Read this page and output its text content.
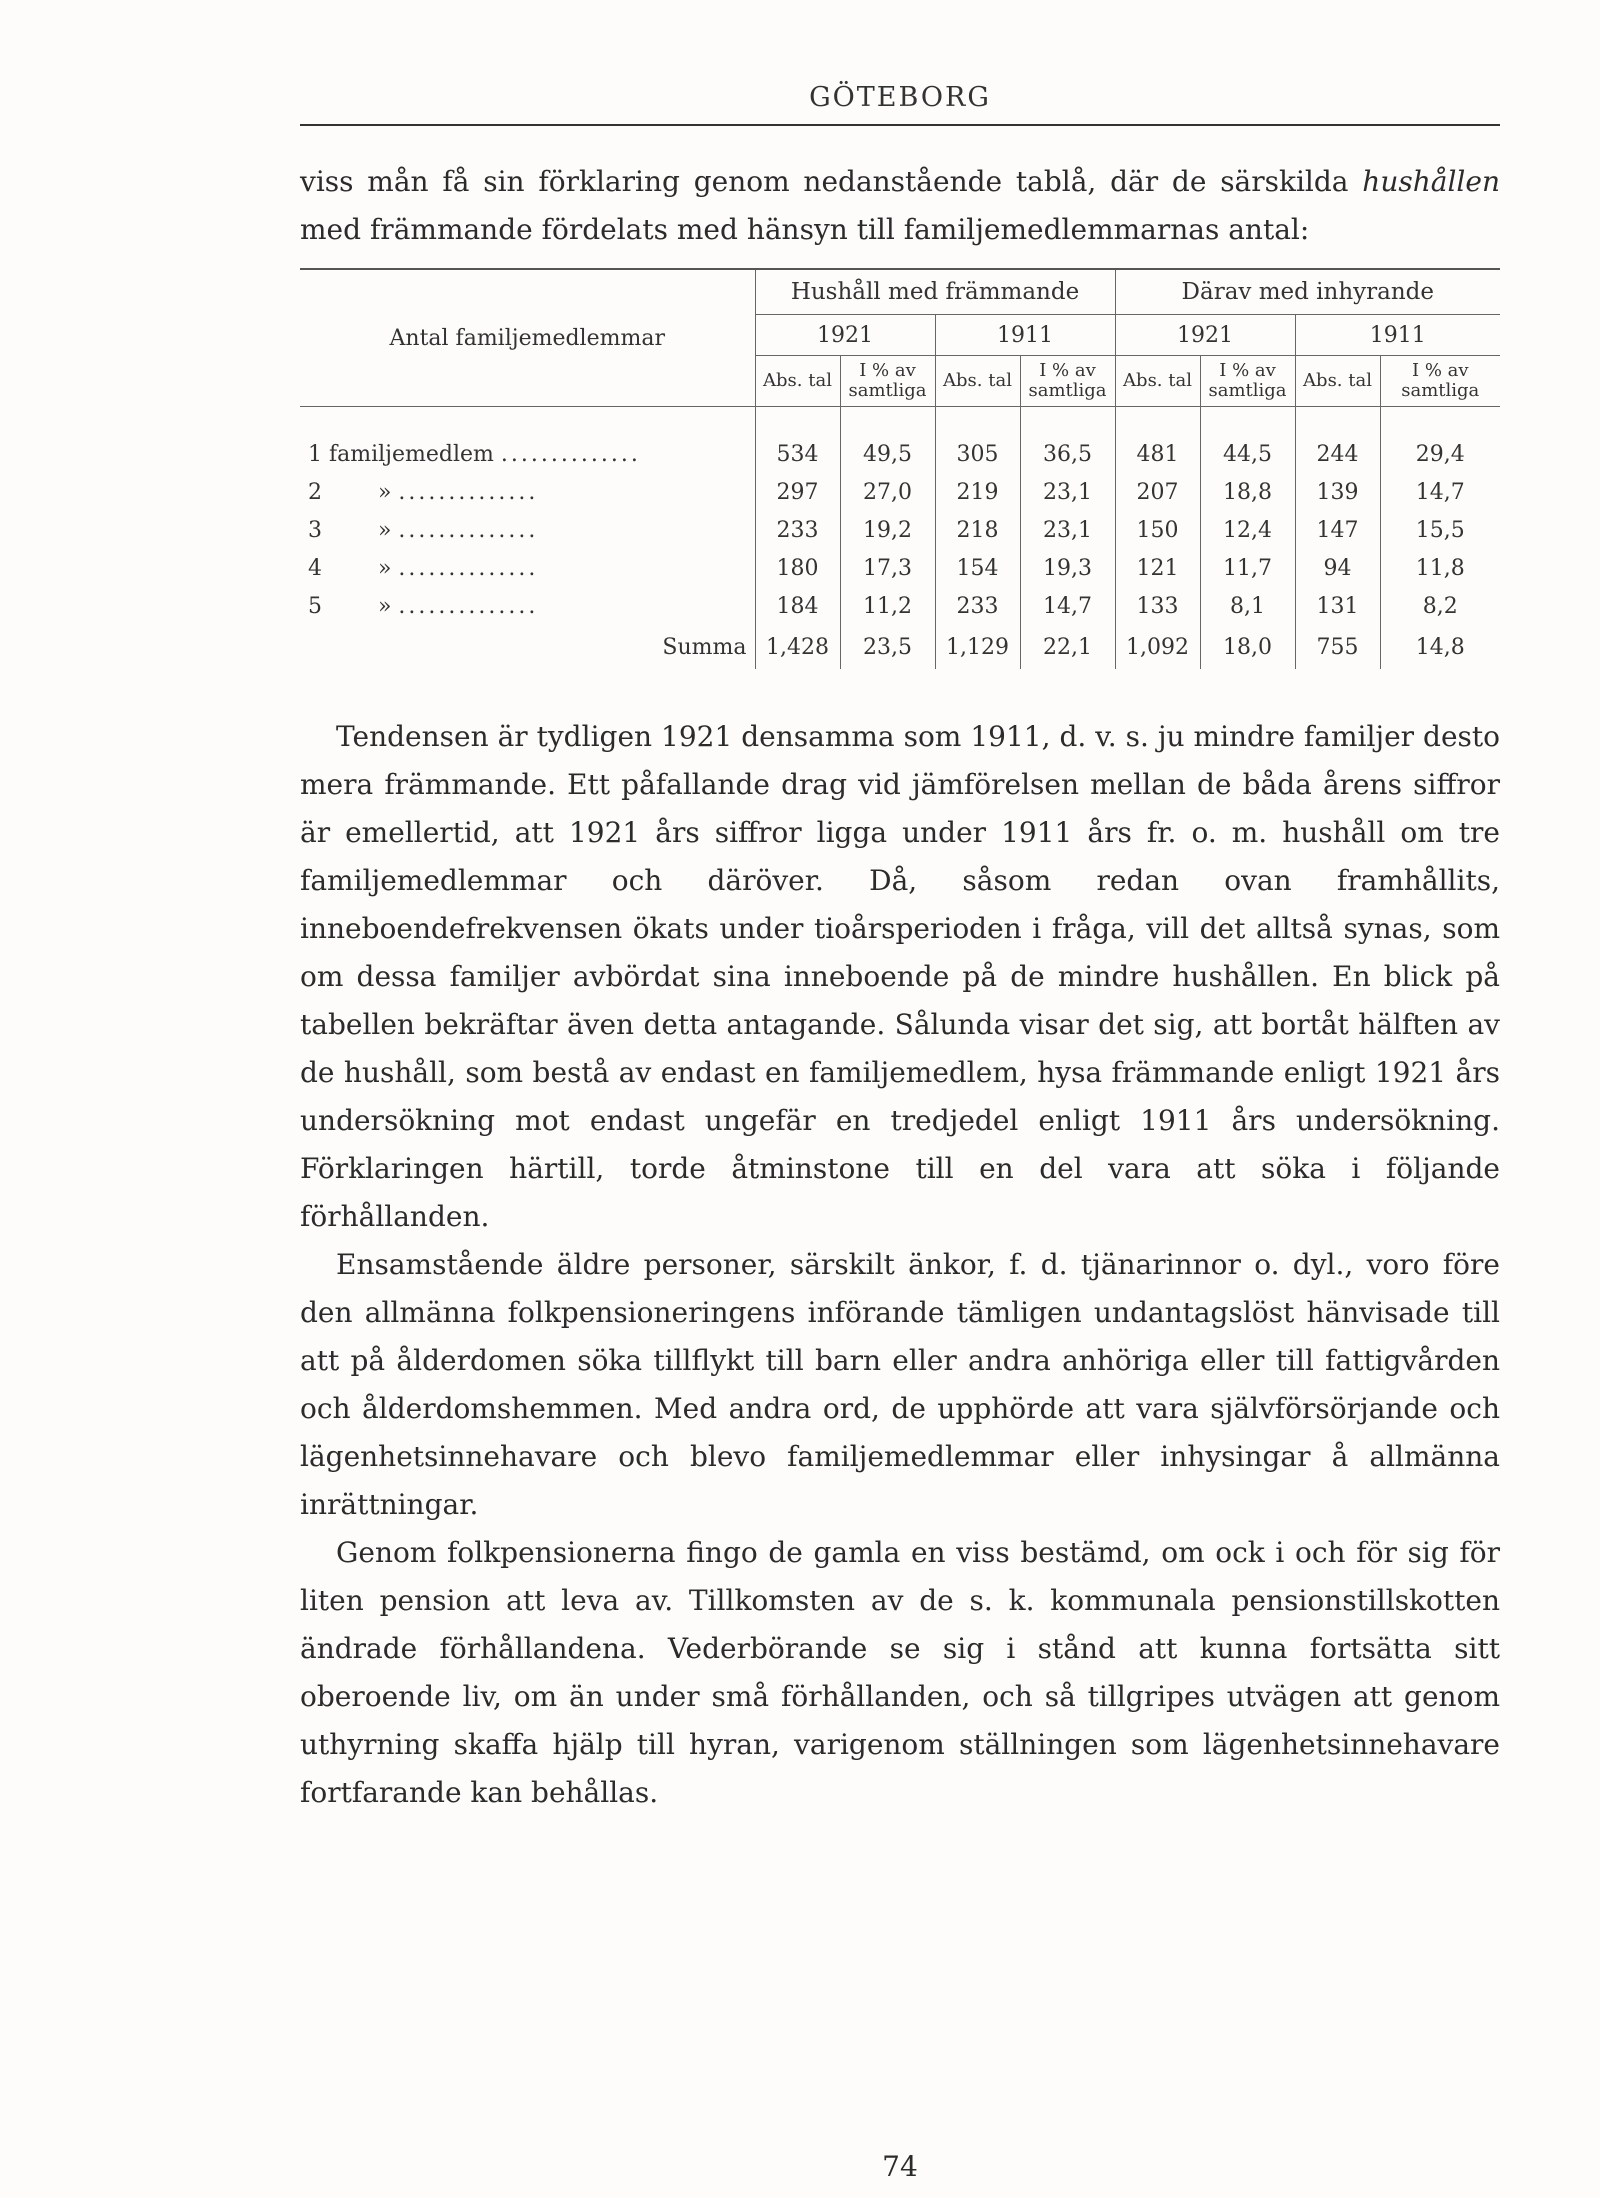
GÖTEBORG

viss mån få sin förklaring genom nedanstående tablå, där de särskilda hushållen med främmande fördelats med hänsyn till familjemedlemmarnas antal:

Antal familjemedlemmar	Hushåll med främmande				Därav med inhyrande			
	1921		1911		1921		1911	
	Abs. tal	I % av samtliga	Abs. tal	I % av samtliga	Abs. tal	I % av samtliga	Abs. tal	I % av samtliga

1 familjemedlem ..............	534	49,5	305	36,5	481	44,5	244	29,4
2        » ..............	297	27,0	219	23,1	207	18,8	139	14,7
3        » ..............	233	19,2	218	23,1	150	12,4	147	15,5
4        » ..............	180	17,3	154	19,3	121	11,7	94	11,8
5        » ..............	184	11,2	233	14,7	133	8,1	131	8,2
Summa	1,428	23,5	1,129	22,1	1,092	18,0	755	14,8

Tendensen är tydligen 1921 densamma som 1911, d. v. s. ju mindre familjer desto mera främmande. Ett påfallande drag vid jämförelsen mellan de båda årens siffror är emellertid, att 1921 års siffror ligga under 1911 års fr. o. m. hushåll om tre familjemedlemmar och däröver. Då, såsom redan ovan framhållits, inneboendefrekvensen ökats under tioårsperioden i fråga, vill det alltså synas, som om dessa familjer avbördat sina inneboende på de mindre hushållen. En blick på tabellen bekräftar även detta antagande. Sålunda visar det sig, att bortåt hälften av de hushåll, som bestå av endast en familjemedlem, hysa främmande enligt 1921 års undersökning mot endast ungefär en tredjedel enligt 1911 års undersökning. Förklaringen härtill, torde åtminstone till en del vara att söka i följande förhållanden.

Ensamstående äldre personer, särskilt änkor, f. d. tjänarinnor o. dyl., voro före den allmänna folkpensioneringens införande tämligen undantagslöst hänvisade till att på ålderdomen söka tillflykt till barn eller andra anhöriga eller till fattigvården och ålderdomshemmen. Med andra ord, de upphörde att vara självförsörjande och lägenhetsinnehavare och blevo familjemedlemmar eller inhysingar å allmänna inrättningar.

Genom folkpensionerna fingo de gamla en viss bestämd, om ock i och för sig för liten pension att leva av. Tillkomsten av de s. k. kommunala pensionstillskotten ändrade förhållandena. Vederbörande se sig i stånd att kunna fortsätta sitt oberoende liv, om än under små förhållanden, och så tillgripes utvägen att genom uthyrning skaffa hjälp till hyran, varigenom ställningen som lägenhetsinnehavare fortfarande kan behållas.

74
